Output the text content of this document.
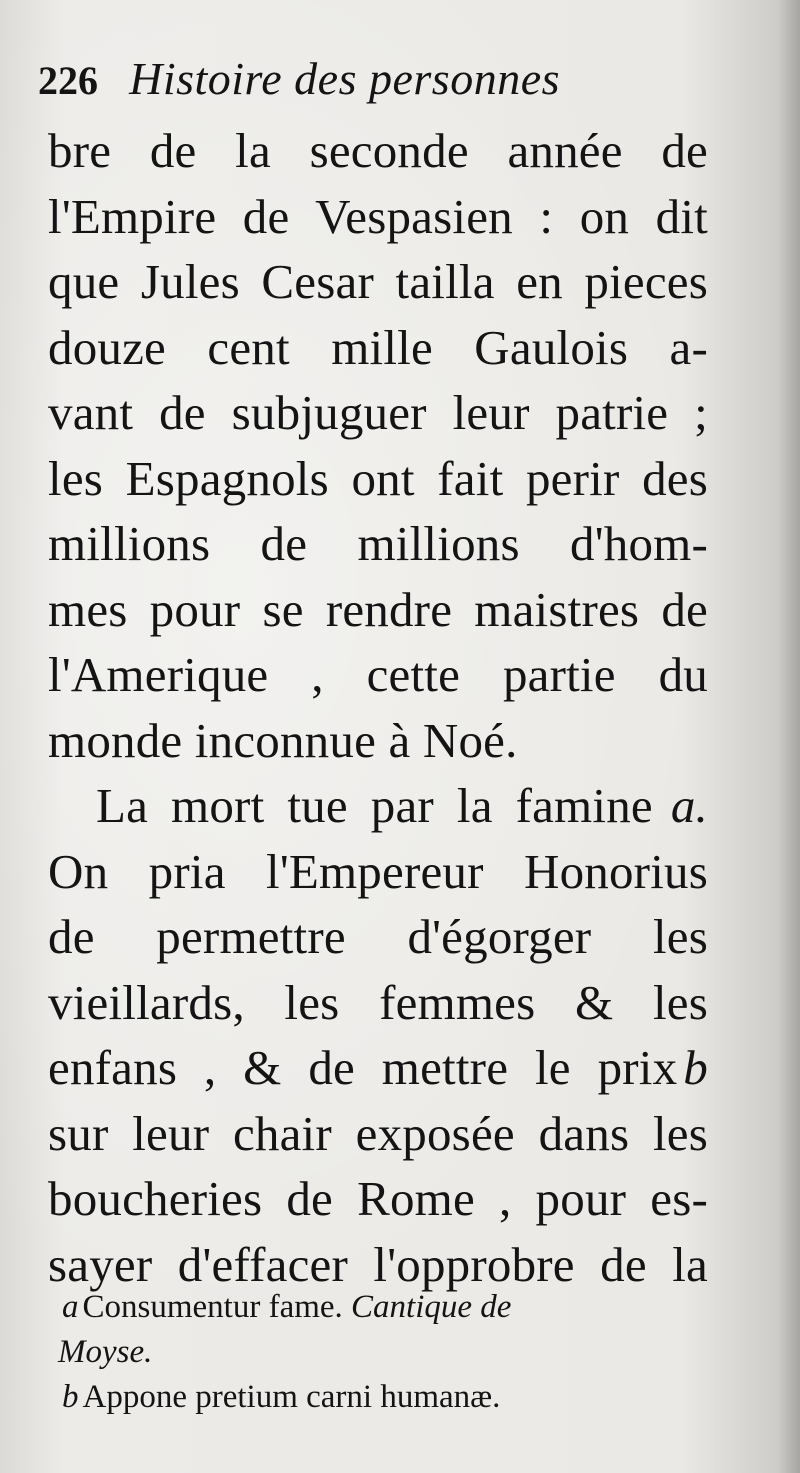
226 Histoire des personnes
bre de la seconde année de
l'Empire de Vespasien : on dit
que Jules Cesar tailla en pieces
douze cent mille Gaulois a-
vant de subjuguer leur patrie ;
les Espagnols ont fait perir des
millions de millions d'hom-
mes pour se rendre maistres de
l'Amerique , cette partie du
monde inconnue à Noé.
La mort tue par la famine a.
On pria l'Empereur Honorius
de permettre d'égorger les
vieillards, les femmes & les
enfans , & de mettre le prix b
sur leur chair exposée dans les
boucheries de Rome , pour es-
sayer d'effacer l'opprobre de la
a Consumentur fame. Cantique de
Moyse.
b Appone pretium carni humanæ.
